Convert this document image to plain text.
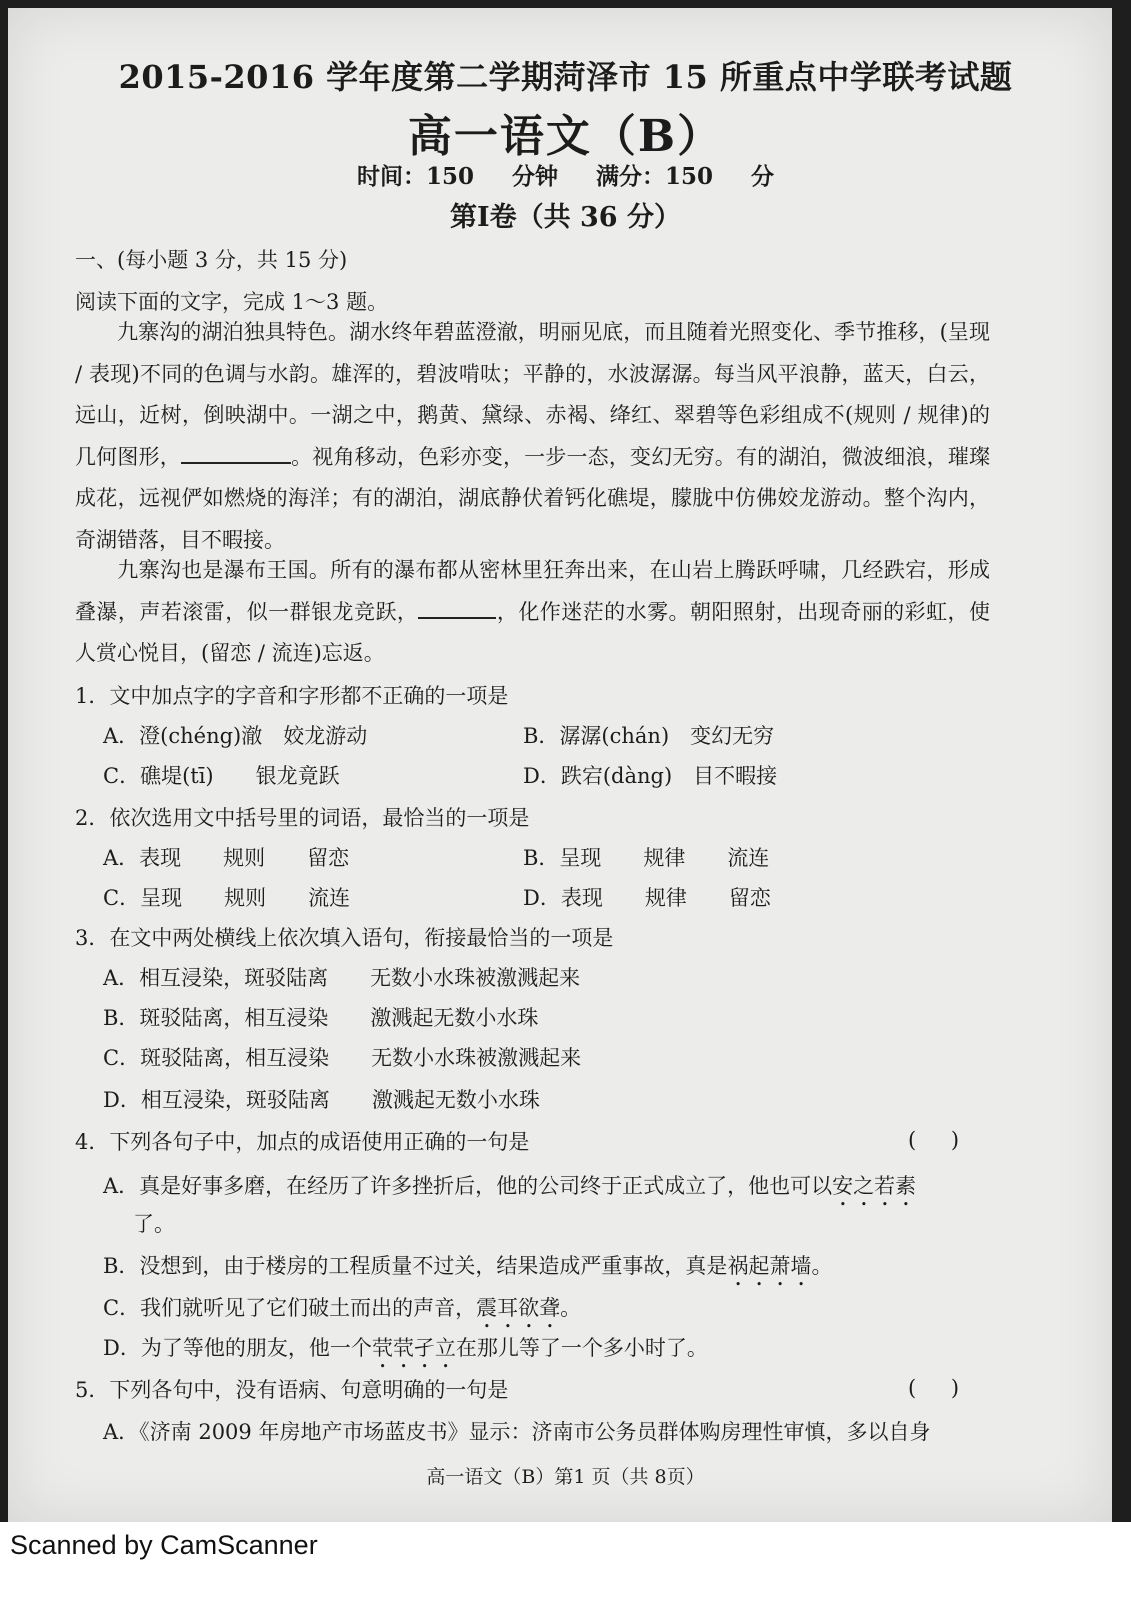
2015-2016 学年度第二学期菏泽市 15 所重点中学联考试题
高一语文（B）
时间：150 分钟 满分：150 分
第Ⅰ卷（共 36 分）
一、(每小题 3 分，共 15 分)
阅读下面的文字，完成 1～3 题。
九寨沟的湖泊独具特色。湖水终年碧蓝澄澈，明丽见底，而且随着光照变化、季节推移，(呈现 / 表现)不同的色调与水韵。雄浑的，碧波啃呔；平静的，水波潺潺。每当风平浪静，蓝天，白云，远山，近树，倒映湖中。一湖之中，鹅黄、黛绿、赤褐、绛红、翠碧等色彩组成不(规则 / 规律)的几何图形，	。视角移动，色彩亦变，一步一态，变幻无穷。有的湖泊，微波细浪，璀璨成花，远视俨如燃烧的海洋；有的湖泊，湖底静伏着钙化礁堤，朦胧中仿佛姣龙游动。整个沟内，奇湖错落，目不暇接。
九寨沟也是瀑布王国。所有的瀑布都从密林里狂奔出来，在山岩上腾跃呼啸，几经跌宕，形成叠瀑，声若滚雷，似一群银龙竞跃，	，化作迷茫的水雾。朝阳照射，出现奇丽的彩虹，使人赏心悦目，(留恋 / 流连)忘返。
1．文中加点字的字音和字形都不正确的一项是
A．澄(chéng)澈　姣龙游动	B．潺潺(chán)　变幻无穷
C．礁堤(tī)　　银龙竟跃	D．跌宕(dàng)　目不暇接
2．依次选用文中括号里的词语，最恰当的一项是
A．表现　　规则　　留恋	B．呈现　　规律　　流连
C．呈现　　规则　　流连	D．表现　　规律　　留恋
3．在文中两处横线上依次填入语句，衔接最恰当的一项是
A．相互浸染，斑驳陆离　　无数小水珠被激溅起来
B．斑驳陆离，相互浸染　　激溅起无数小水珠
C．斑驳陆离，相互浸染　　无数小水珠被激溅起来
D．相互浸染，斑驳陆离　　激溅起无数小水珠
4．下列各句子中，加点的成语使用正确的一句是	( )
A．真是好事多磨，在经历了许多挫折后，他的公司终于正式成立了，他也可以安之若素
了。
B．没想到，由于楼房的工程质量不过关，结果造成严重事故，真是祸起萧墙。
C．我们就听见了它们破土而出的声音，震耳欲聋。
D．为了等他的朋友，他一个茕茕孑立在那儿等了一个多小时了。
5．下列各句中，没有语病、句意明确的一句是	( )
A．《济南 2009 年房地产市场蓝皮书》显示：济南市公务员群体购房理性审慎，多以自身
高一语文（B）第1 页（共 8页）
Scanned by CamScanner
